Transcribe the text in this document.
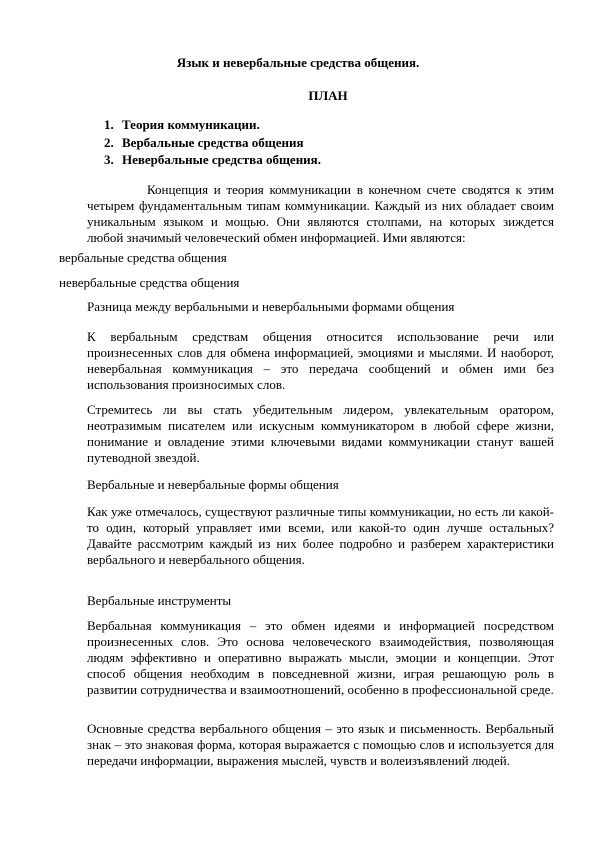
Язык и невербальные средства общения.
ПЛАН
1. Теория коммуникации.
2. Вербальные средства общения
3. Невербальные средства общения.

Концепция и теория коммуникации в конечном счете сводятся к этим четырем фундаментальным типам коммуникации. Каждый из них обладает своим уникальным языком и мощью. Они являются столпами, на которых зиждется любой значимый человеческий обмен информацией. Ими являются:

вербальные средства общения

невербальные средства общения

Разница между вербальными и невербальными формами общения

К вербальным средствам общения относится использование речи или произнесенных слов для обмена информацией, эмоциями и мыслями. И наоборот, невербальная коммуникация – это передача сообщений и обмен ими без использования произносимых слов.

Стремитесь ли вы стать убедительным лидером, увлекательным оратором, неотразимым писателем или искусным коммуникатором в любой сфере жизни, понимание и овладение этими ключевыми видами коммуникации станут вашей путеводной звездой.

Вербальные и невербальные формы общения

Как уже отмечалось, существуют различные типы коммуникации, но есть ли какой-то один, который управляет ими всеми, или какой-то один лучше остальных? Давайте рассмотрим каждый из них более подробно и разберем характеристики вербального и невербального общения.

Вербальные инструменты

Вербальная коммуникация – это обмен идеями и информацией посредством произнесенных слов. Это основа человеческого взаимодействия, позволяющая людям эффективно и оперативно выражать мысли, эмоции и концепции. Этот способ общения необходим в повседневной жизни, играя решающую роль в развитии сотрудничества и взаимоотношений, особенно в профессиональной среде.

Основные средства вербального общения – это язык и письменность. Вербальный знак – это знаковая форма, которая выражается с помощью слов и используется для передачи информации, выражения мыслей, чувств и волеизъявлений людей.
